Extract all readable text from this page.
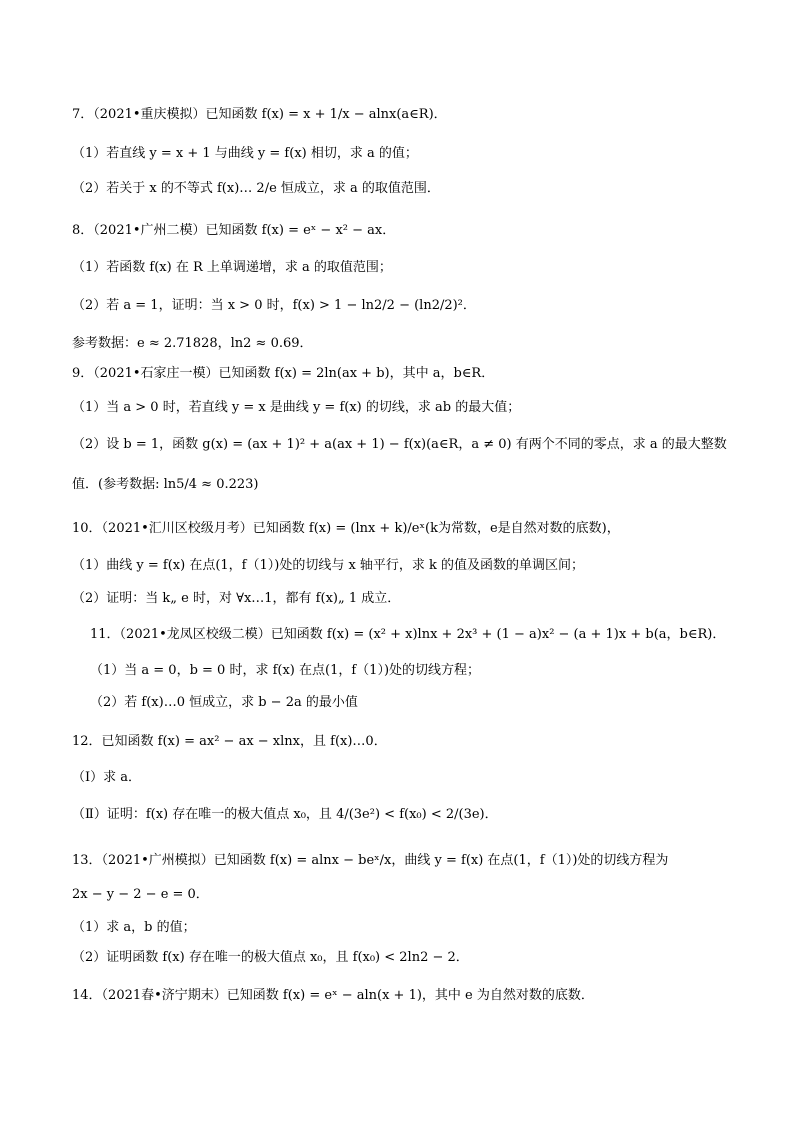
7．（2021•重庆模拟）已知函数 f(x) = x + 1/x − alnx(a∈R)．
（1）若直线 y = x + 1 与曲线 y = f(x) 相切，求 a 的值；
（2）若关于 x 的不等式 f(x)… 2/e 恒成立，求 a 的取值范围．
8．（2021•广州二模）已知函数 f(x) = eˣ − x² − ax．
（1）若函数 f(x) 在 R 上单调递增，求 a 的取值范围；
（2）若 a = 1，证明：当 x > 0 时，f(x) > 1 − ln2/2 − (ln2/2)²．
参考数据：e ≈ 2.71828，ln2 ≈ 0.69．
9．（2021•石家庄一模）已知函数 f(x) = 2ln(ax + b)，其中 a，b∈R．
（1）当 a > 0 时，若直线 y = x 是曲线 y = f(x) 的切线，求 ab 的最大值；
（2）设 b = 1，函数 g(x) = (ax + 1)² + a(ax + 1) − f(x)(a∈R，a ≠ 0) 有两个不同的零点，求 a 的最大整数
值．(参考数据: ln5/4 ≈ 0.223)
10．（2021•汇川区校级月考）已知函数 f(x) = (lnx + k)/eˣ(k为常数，e是自然对数的底数)，
（1）曲线 y = f(x) 在点(1，f（1）)处的切线与 x 轴平行，求 k 的值及函数的单调区间；
（2）证明：当 k„ e 时，对 ∀x…1，都有 f(x)„ 1 成立．
11．（2021•龙凤区校级二模）已知函数 f(x) = (x² + x)lnx + 2x³ + (1 − a)x² − (a + 1)x + b(a，b∈R)．
（1）当 a = 0，b = 0 时，求 f(x) 在点(1，f（1）)处的切线方程；
（2）若 f(x)…0 恒成立，求 b − 2a 的最小值
12．已知函数 f(x) = ax² − ax − xlnx，且 f(x)…0．
（Ⅰ）求 a．
（Ⅱ）证明：f(x) 存在唯一的极大值点 x₀，且 4/(3e²) < f(x₀) < 2/(3e)．
13．（2021•广州模拟）已知函数 f(x) = alnx − beˣ/x，曲线 y = f(x) 在点(1，f（1）)处的切线方程为
2x − y − 2 − e = 0．
（1）求 a，b 的值；
（2）证明函数 f(x) 存在唯一的极大值点 x₀，且 f(x₀) < 2ln2 − 2．
14．（2021春•济宁期末）已知函数 f(x) = eˣ − aln(x + 1)，其中 e 为自然对数的底数．
